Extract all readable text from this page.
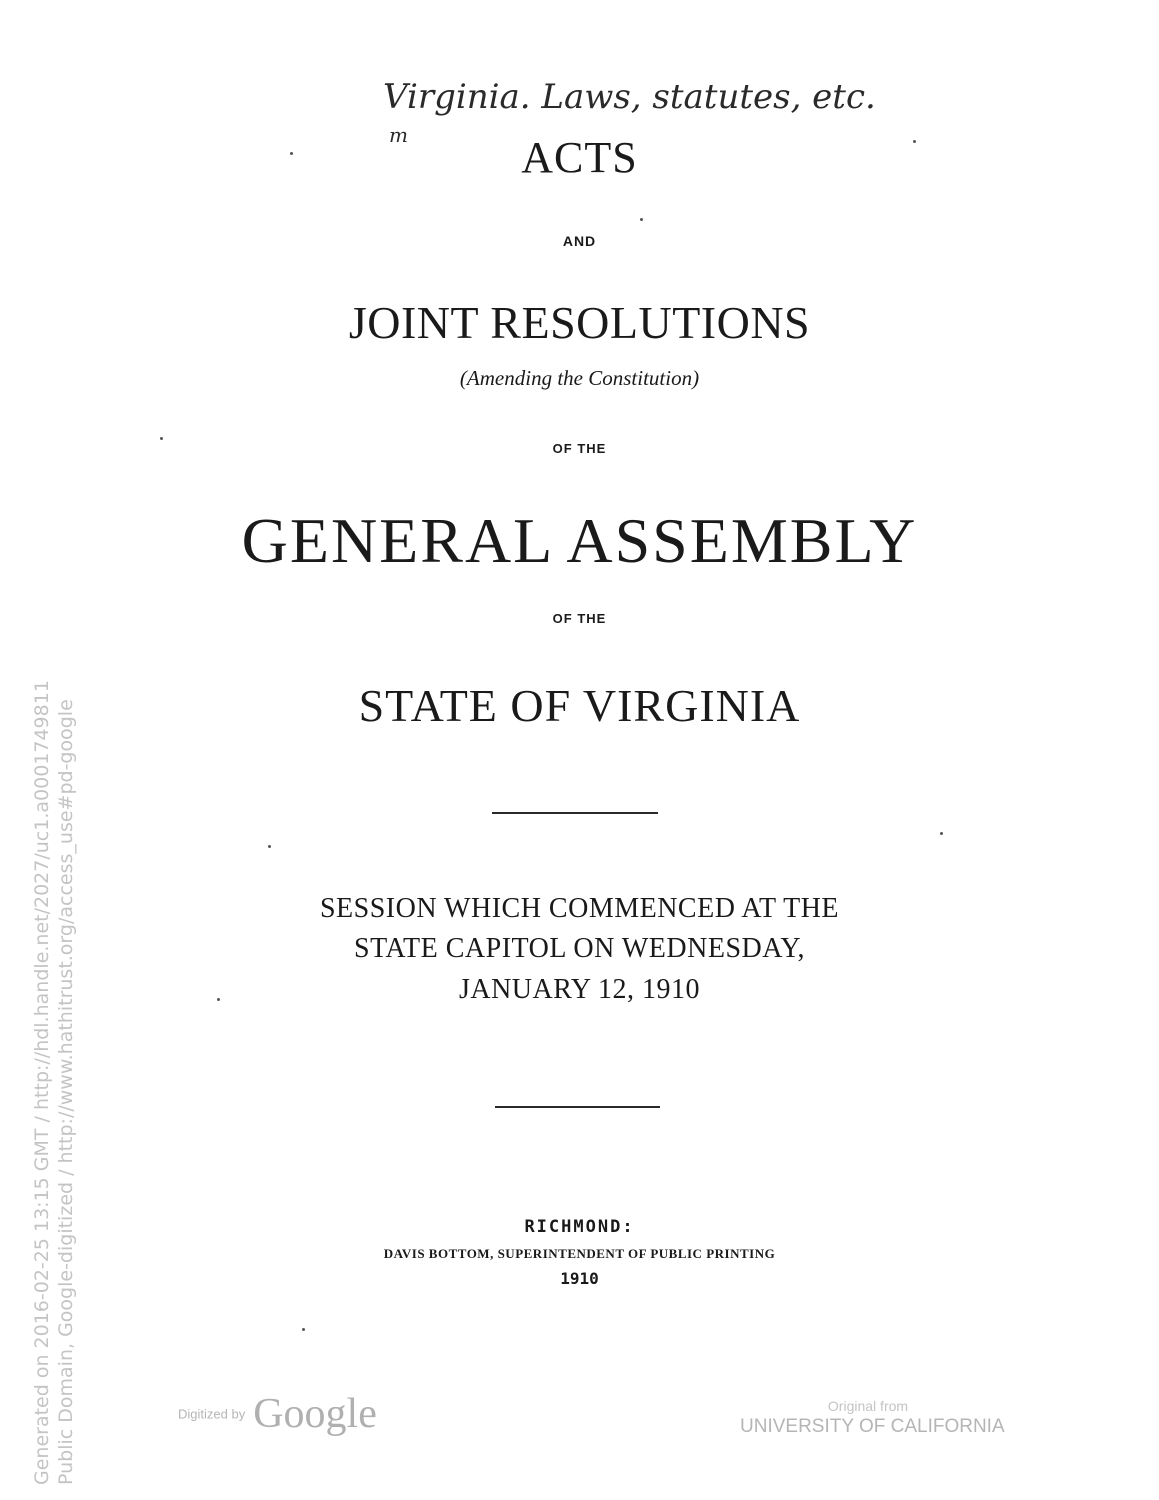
Virginia. Laws, statutes, etc.
m	ACTS
AND
JOINT RESOLUTIONS
(Amending the Constitution)
OF THE
GENERAL ASSEMBLY
OF THE
STATE OF VIRGINIA
SESSION WHICH COMMENCED AT THE
STATE CAPITOL ON WEDNESDAY,
JANUARY 12, 1910
RICHMOND:
DAVIS BOTTOM, SUPERINTENDENT OF PUBLIC PRINTING
1910
Generated on 2016-02-25 13:15 GMT / http://hdl.handle.net/2027/uc1.a0001749811 Public Domain, Google-digitized / http://www.hathitrust.org/access_use#pd-google	Digitized by Google	Original from
UNIVERSITY OF CALIFORNIA
